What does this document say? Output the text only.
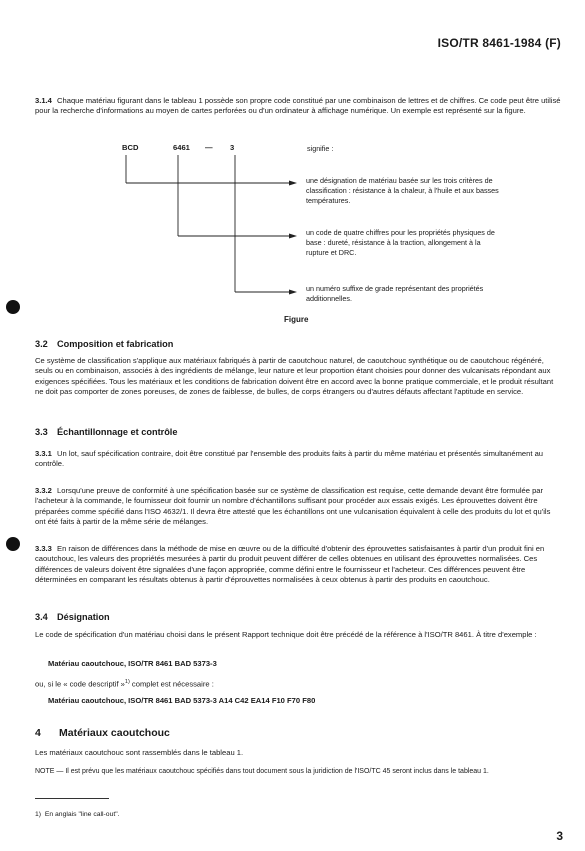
ISO/TR 8461-1984 (F)

3.1.4 Chaque matériau figurant dans le tableau 1 possède son propre code constitué par une combinaison de lettres et de chiffres. Ce code peut être utilisé pour la recherche d'informations au moyen de cartes perforées ou d'un ordinateur à affichage numérique. Un exemple est représenté sur la figure.

BCD	6461 — 3	signifie :

une désignation de matériau basée sur les trois critères de classification : résistance à la chaleur, à l'huile et aux basses températures.

un code de quatre chiffres pour les propriétés physiques de base : dureté, résistance à la traction, allongement à la rupture et DRC.

un numéro suffixe de grade représentant des propriétés additionnelles.

Figure
3.2 Composition et fabrication

Ce système de classification s'applique aux matériaux fabriqués à partir de caoutchouc naturel, de caoutchouc synthétique ou de caoutchouc régénéré, seuls ou en combinaison, associés à des ingrédients de mélange, leur nature et leur proportion étant choisies pour donner des vulcanisats répondant aux exigences spécifiées. Tous les matériaux et les conditions de fabrication doivent être en accord avec la bonne pratique commerciale, et le produit résultant ne doit pas comporter de zones poreuses, de zones de faiblesse, de bulles, de corps étrangers ou d'autres défauts affectant l'aptitude en service.

3.3 Échantillonnage et contrôle

3.3.1 Un lot, sauf spécification contraire, doit être constitué par l'ensemble des produits faits à partir du même matériau et présentés simultanément au contrôle.

3.3.2 Lorsqu'une preuve de conformité à une spécification basée sur ce système de classification est requise, cette demande devant être formulée par l'acheteur à la commande, le fournisseur doit fournir un nombre d'échantillons suffisant pour procéder aux essais exigés. Les éprouvettes doivent être préparées comme spécifié dans l'ISO 4632/1. Il devra être attesté que les échantillons ont une vulcanisation équivalent à celle des produits du lot et qu'ils ont été faits à partir de la même série de mélanges.

3.3.3 En raison de différences dans la méthode de mise en œuvre ou de la difficulté d'obtenir des éprouvettes satisfaisantes à partir d'un produit fini en caoutchouc, les valeurs des propriétés mesurées à partir du produit peuvent différer de celles obtenues en utilisant des éprouvettes normalisées. Ces différences de valeurs doivent être signalées d'une façon appropriée, comme défini entre le fournisseur et l'acheteur. Ces différences peuvent être déterminées en comparant les résultats obtenus à partir d'éprouvettes normalisées à ceux obtenus à partir des produits en caoutchouc.

3.4 Désignation

Le code de spécification d'un matériau choisi dans le présent Rapport technique doit être précédé de la référence à l'ISO/TR 8461. À titre d'exemple :

Matériau caoutchouc, ISO/TR 8461 BAD 5373-3

ou, si le « code descriptif »$^{1)}$ complet est nécessaire :

Matériau caoutchouc, ISO/TR 8461 BAD 5373-3 A14 C42 EA14 F10 F70 F80

4 Matériaux caoutchouc

Les matériaux caoutchouc sont rassemblés dans le tableau 1.

NOTE — Il est prévu que les matériaux caoutchouc spécifiés dans tout document sous la juridiction de l'ISO/TC 45 seront inclus dans le tableau 1.

1) En anglais "line call-out".
3
